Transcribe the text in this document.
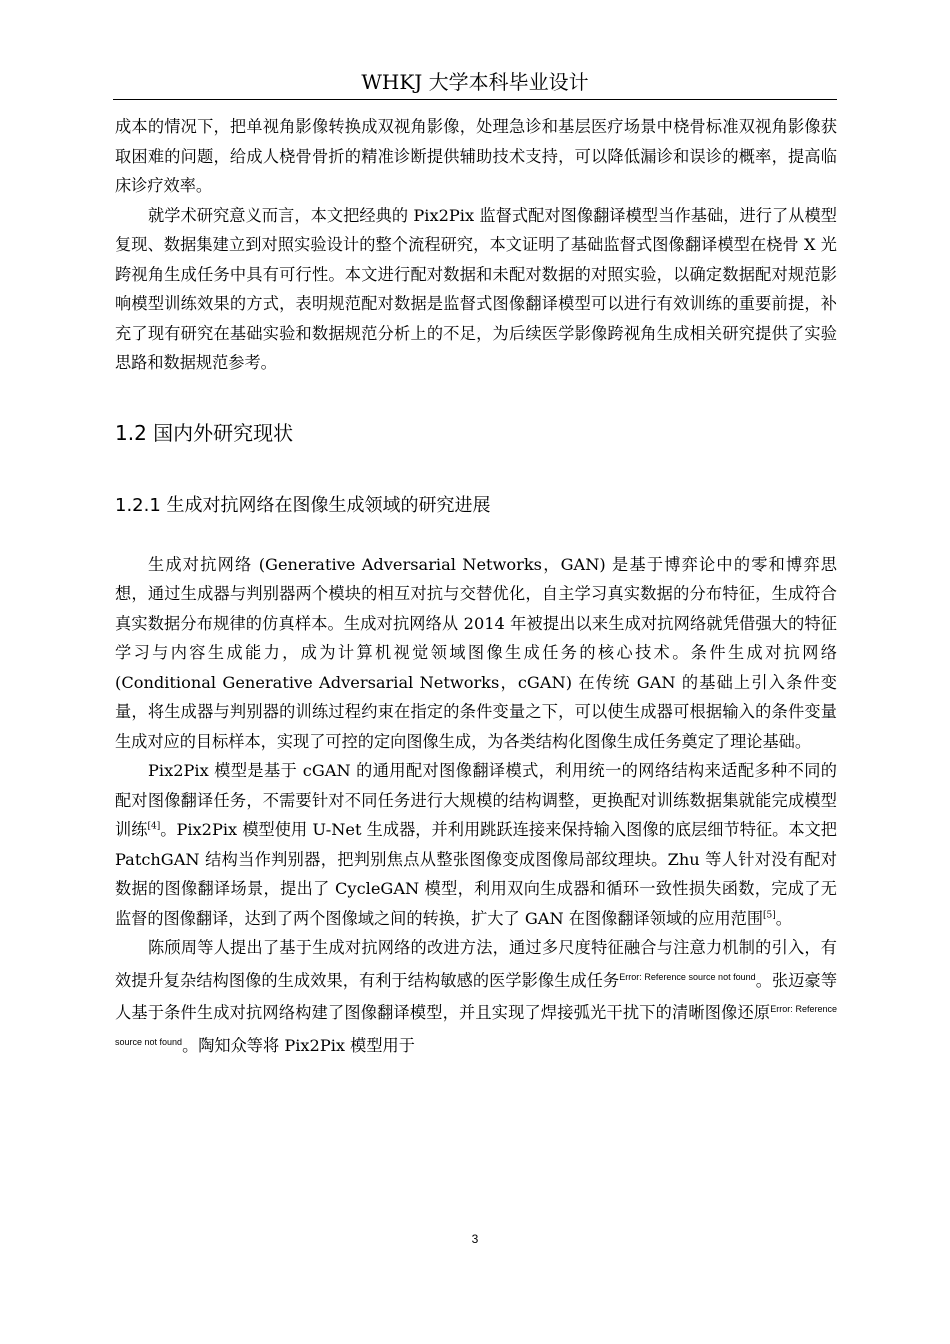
WHKJ 大学本科毕业设计

成本的情况下，把单视角影像转换成双视角影像，处理急诊和基层医疗场景中桡骨标准双视角影像获取困难的问题，给成人桡骨骨折的精准诊断提供辅助技术支持，可以降低漏诊和误诊的概率，提高临床诊疗效率。

就学术研究意义而言，本文把经典的 Pix2Pix 监督式配对图像翻译模型当作基础，进行了从模型复现、数据集建立到对照实验设计的整个流程研究，本文证明了基础监督式图像翻译模型在桡骨 X 光跨视角生成任务中具有可行性。本文进行配对数据和未配对数据的对照实验，以确定数据配对规范影响模型训练效果的方式，表明规范配对数据是监督式图像翻译模型可以进行有效训练的重要前提，补充了现有研究在基础实验和数据规范分析上的不足，为后续医学影像跨视角生成相关研究提供了实验思路和数据规范参考。

1.2 国内外研究现状
1.2.1 生成对抗网络在图像生成领域的研究进展

生成对抗网络 (Generative Adversarial Networks，GAN) 是基于博弈论中的零和博弈思想，通过生成器与判别器两个模块的相互对抗与交替优化，自主学习真实数据的分布特征，生成符合真实数据分布规律的仿真样本。生成对抗网络从 2014 年被提出以来生成对抗网络就凭借强大的特征学习与内容生成能力，成为计算机视觉领域图像生成任务的核心技术。条件生成对抗网络 (Conditional Generative Adversarial Networks，cGAN) 在传统 GAN 的基础上引入条件变量，将生成器与判别器的训练过程约束在指定的条件变量之下，可以使生成器可根据输入的条件变量生成对应的目标样本，实现了可控的定向图像生成，为各类结构化图像生成任务奠定了理论基础。

Pix2Pix 模型是基于 cGAN 的通用配对图像翻译模式，利用统一的网络结构来适配多种不同的配对图像翻译任务，不需要针对不同任务进行大规模的结构调整，更换配对训练数据集就能完成模型训练[4]。Pix2Pix 模型使用 U-Net 生成器，并利用跳跃连接来保持输入图像的底层细节特征。本文把 PatchGAN 结构当作判别器，把判别焦点从整张图像变成图像局部纹理块。Zhu 等人针对没有配对数据的图像翻译场景，提出了 CycleGAN 模型，利用双向生成器和循环一致性损失函数，完成了无监督的图像翻译，达到了两个图像域之间的转换，扩大了 GAN 在图像翻译领域的应用范围[5]。

陈颀周等人提出了基于生成对抗网络的改进方法，通过多尺度特征融合与注意力机制的引入，有效提升复杂结构图像的生成效果，有利于结构敏感的医学影像生成任务$^{Error: Reference source not found}$。张迈豪等人基于条件生成对抗网络构建了图像翻译模型，并且实现了焊接弧光干扰下的清晰图像还原$^{Error: Reference source not found}$。陶知众等将 Pix2Pix 模型用于

3
